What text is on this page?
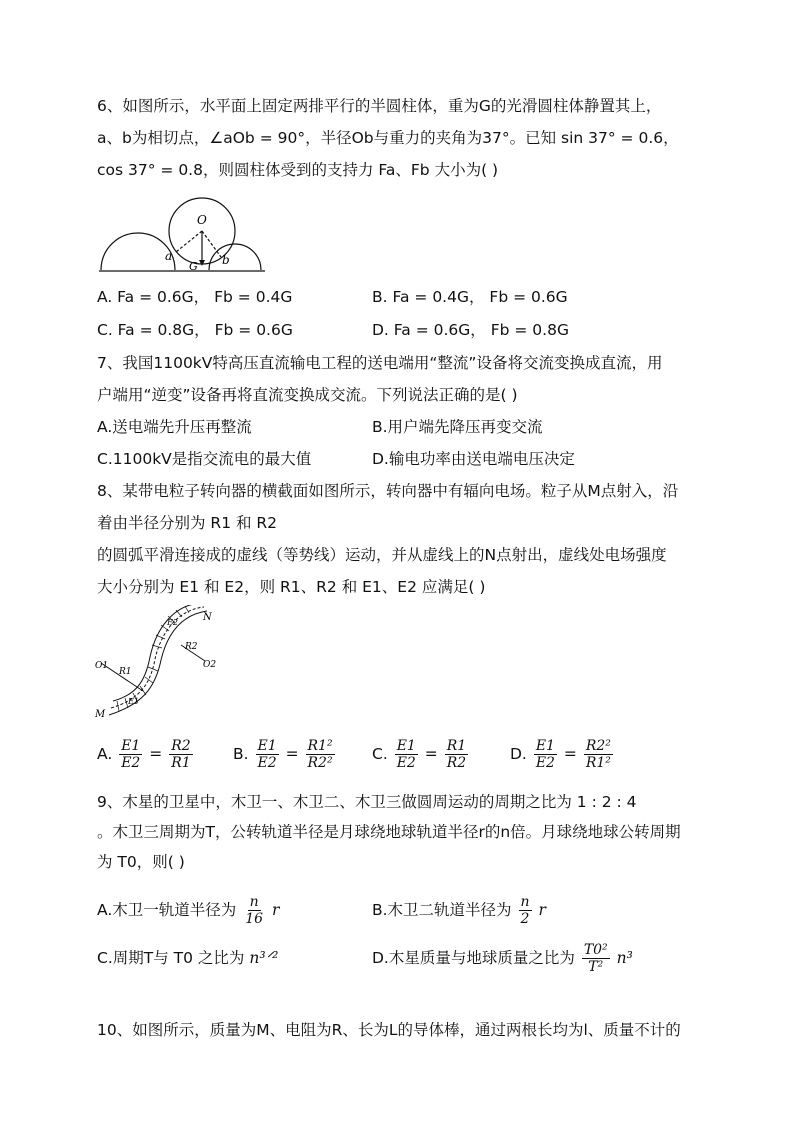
6、如图所示，水平面上固定两排平行的半圆柱体，重为G的光滑圆柱体静置其上，
a、b为相切点，∠aOb = 90°，半径Ob与重力的夹角为37°。已知 sin 37° = 0.6，
cos 37° = 0.8，则圆柱体受到的支持力 Fa、Fb 大小为( )
O
a	b
G
A. Fa = 0.6G， Fb = 0.4G	B. Fa = 0.4G， Fb = 0.6G
C. Fa = 0.8G， Fb = 0.6G	D. Fa = 0.6G， Fb = 0.8G
7、我国1100kV特高压直流输电工程的送电端用“整流”设备将交流变换成直流，用
户端用“逆变”设备再将直流变换成交流。下列说法正确的是( )
A.送电端先升压再整流	B.用户端先降压再变交流
C.1100kV是指交流电的最大值	D.输电功率由送电端电压决定
8、某带电粒子转向器的横截面如图所示，转向器中有辐向电场。粒子从M点射入，沿
着由半径分别为 R1 和 R2
的圆弧平滑连接成的虚线（等势线）运动，并从虚线上的N点射出，虚线处电场强度
大小分别为 E1 和 E2，则 R1、R2 和 E1、E2 应满足( )
N
M
O1	O2
R1
R2
E1
E2
A. $\frac{E1}{E2} = \frac{R2}{R1}$	B. $\frac{E1}{E2} = \frac{\text{R1²}}{\text{R2²}} C$. $\frac{E1}{E2} = \frac{R1}{R2}$	D. $\frac{E1}{E2} = \frac{\text{R2²}}{\text{R1²}}$
9、木星的卫星中，木卫一、木卫二、木卫三做圆周运动的周期之比为 1 : 2 : 4
。木卫三周期为T，公转轨道半径是月球绕地球轨道半径r的n倍。月球绕地球公转周期
为 T0，则( )
A.木卫一轨道半径为 $\frac{n}{16}$ r	B.木卫二轨道半径为 $\frac{n}{2}$ r
C.周期T与 T0 之比为 n³ᐟ²	D.木星质量与地球质量之比为 $\frac{\text{T0²}}{\text{T²}} n^3$
10、如图所示，质量为M、电阻为R、长为L的导体棒，通过两根长均为l、质量不计的
